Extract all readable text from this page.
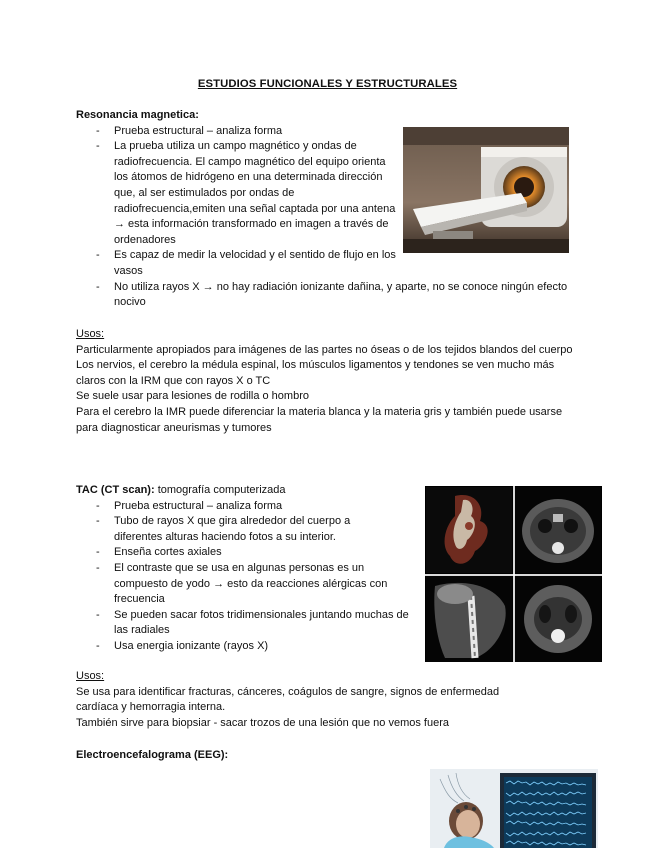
ESTUDIOS FUNCIONALES Y ESTRUCTURALES
Resonancia magnetica:
- Prueba estructural – analiza forma
- La prueba utiliza un campo magnético y ondas de radiofrecuencia. El campo magnético del equipo orienta los átomos de hidrógeno en una determinada dirección que, al ser estimulados por ondas de radiofrecuencia,emiten una señal captada por una antena → esta información transformado en imagen a través de ordenadores
- Es capaz de medir la velocidad y el sentido de flujo en los vasos
- No utiliza rayos X → no hay radiación ionizante dañina, y aparte, no se conoce ningún efecto nocivo
Usos:

Particularmente apropiados para imágenes de las partes no óseas o de los tejidos blandos del cuerpo

Los nervios, el cerebro la médula espinal, los músculos ligamentos y tendones se ven mucho más claros con la IRM que con rayos X o TC

Se suele usar para lesiones de rodilla o hombro

Para el cerebro la IMR puede diferenciar la materia blanca y la materia gris y también puede usarse para diagnosticar aneurismas y tumores

TAC (CT scan): tomografía computerizada
- Prueba estructural – analiza forma
- Tubo de rayos X que gira alrededor del cuerpo a diferentes alturas haciendo fotos a su interior.
- Enseña cortes axiales
- El contraste que se usa en algunas personas es un compuesto de yodo → esto da reacciones alérgicas con frecuencia
- Se pueden sacar fotos tridimensionales juntando muchas de las radiales
- Usa energia ionizante (rayos X)
Usos:

Se usa para identificar fracturas, cánceres, coágulos de sangre, signos de enfermedad cardíaca y hemorragia interna.

También sirve para biopsiar - sacar trozos de una lesión que no vemos fuera

Electroencefalograma (EEG):
